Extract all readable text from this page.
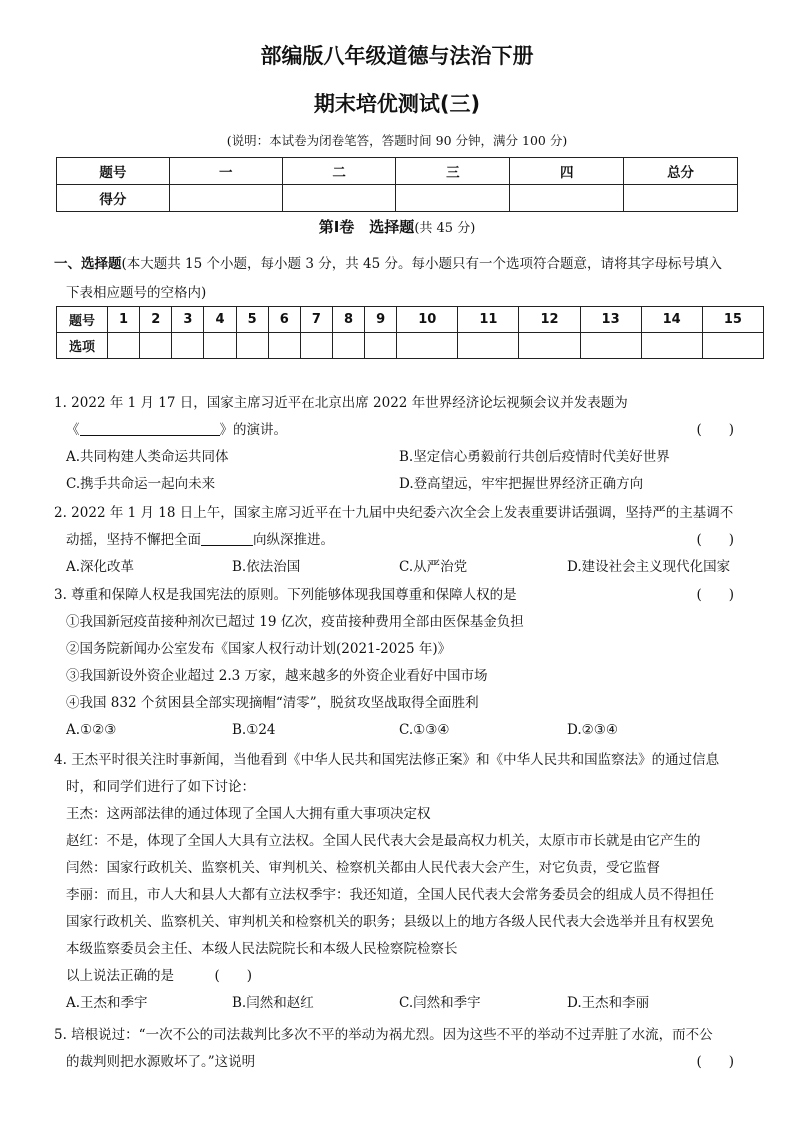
部编版八年级道德与法治下册
期末培优测试(三)
(说明：本试卷为闭卷笔答，答题时间 90 分钟，满分 100 分)
题号	一	二	三	四	总分
得分					
第Ⅰ卷　选择题(共 45 分)
一、选择题(本大题共 15 个小题，每小题 3 分，共 45 分。每小题只有一个选项符合题意，请将其字母标号填入
下表相应题号的空格内)
题号	1	2	3	4	5	6	7	8	9	10	11	12	13	14	15
选项															
1. 2022 年 1 月 17 日，国家主席习近平在北京出席 2022 年世界经济论坛视频会议并发表题为
《	》的演讲。	(　　)
A.共同构建人类命运共同体	B.坚定信心勇毅前行共创后疫情时代美好世界
C.携手共命运一起向未来	D.登高望远，牢牢把握世界经济正确方向
2. 2022 年 1 月 18 日上午，国家主席习近平在十九届中央纪委六次全会上发表重要讲话强调，坚持严的主基调不
动摇，坚持不懈把全面	向纵深推进。	(　　)
A.深化改革	B.依法治国	C.从严治党	D.建设社会主义现代化国家
3. 尊重和保障人权是我国宪法的原则。下列能够体现我国尊重和保障人权的是	(　　)
①我国新冠疫苗接种剂次已超过 19 亿次，疫苗接种费用全部由医保基金负担
②国务院新闻办公室发布《国家人权行动计划(2021-2025 年)》
③我国新设外资企业超过 2.3 万家，越来越多的外资企业看好中国市场
④我国 832 个贫困县全部实现摘帽“清零”，脱贫攻坚战取得全面胜利
A.①②③	B.①24	C.①③④	D.②③④
4. 王杰平时很关注时事新闻，当他看到《中华人民共和国宪法修正案》和《中华人民共和国监察法》的通过信息
时，和同学们进行了如下讨论：
王杰：这两部法律的通过体现了全国人大拥有重大事项决定权
赵红：不是，体现了全国人大具有立法权。全国人民代表大会是最高权力机关，太原市市长就是由它产生的
闫然：国家行政机关、监察机关、审判机关、检察机关都由人民代表大会产生，对它负责，受它监督
李丽：而且，市人大和县人大都有立法权季宇：我还知道，全国人民代表大会常务委员会的组成人员不得担任
国家行政机关、监察机关、审判机关和检察机关的职务；县级以上的地方各级人民代表大会选举并且有权罢免
本级监察委员会主任、本级人民法院院长和本级人民检察院检察长
以上说法正确的是　　　(　　)
A.王杰和季宇	B.闫然和赵红	C.闫然和季宇	D.王杰和李丽
5. 培根说过：“一次不公的司法裁判比多次不平的举动为祸尤烈。因为这些不平的举动不过弄脏了水流，而不公
的裁判则把水源败坏了。”这说明	(　　)
